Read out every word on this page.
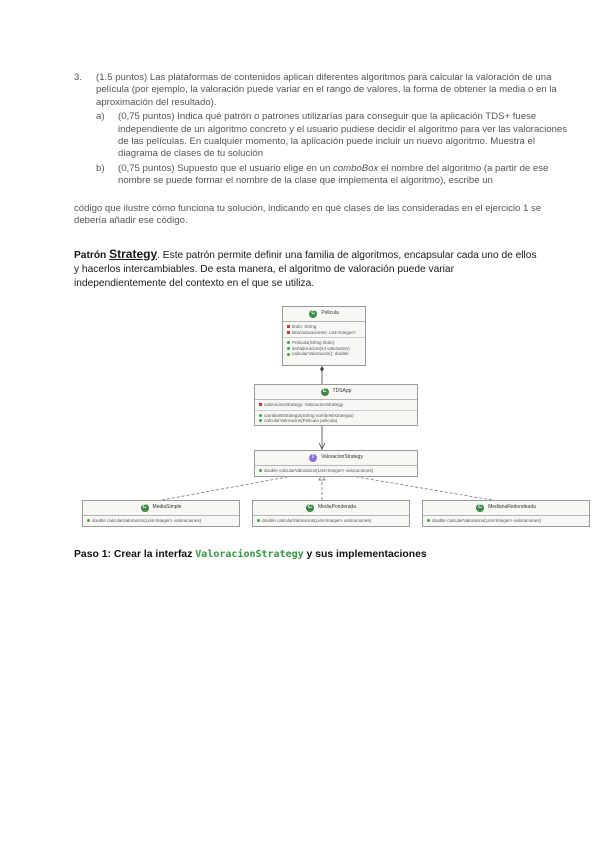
3.	(1.5 puntos) Las plataformas de contenidos aplican diferentes algoritmos para calcular la valoración de una película (por ejemplo, la valoración puede variar en el rango de valores, la forma de obtener la media o en la aproximación del resultado).
a)	(0,75 puntos) Indica qué patrón o patrones utilizarías para conseguir que la aplicación TDS+ fuese independiente de un algoritmo concreto y el usuario pudiese decidir el algoritmo para ver las valoraciones de las películas. En cualquier momento, la aplicación puede incluir un nuevo algoritmo. Muestra el diagrama de clases de tu solución
b)	(0,75 puntos) Supuesto que el usuario elige en un comboBox el nombre del algoritmo (a partir de ese nombre se puede formar el nombre de la clase que implementa el algoritmo), escribe un
código que ilustre cómo funciona tu solución, indicando en qué clases de las consideradas en el ejercicio 1 se debería añadir ese código.
Patrón Strategy. Este patrón permite definir una familia de algoritmos, encapsular cada uno de ellos y hacerlos intercambiables. De esta manera, el algoritmo de valoración puede variar independientemente del contexto en el que se utiliza.
C	Pelicula
titulo: String
listaValoraciones: List<Integer>
Pelicula(String titulo)
setValoracion(int valoracion)
calcularValoracion(): double
C	TDSApp
valoracionStrategy: ValoracionStrategy
cambiarEstrategia(String nombreEstrategia)
calcularValoracion(Pelicula pelicula)
I	ValoracionStrategy
double calcularValoracion(List<Integer> valoraciones)
C	MediaSimple
double calcularValoracion(List<Integer> valoraciones)
C	MediaPonderada
double calcularValoracion(List<Integer> valoraciones)
C	MedianaRedondeada
double calcularValoracion(List<Integer> valoraciones)
Paso 1: Crear la interfaz ValoracionStrategy y sus implementaciones
